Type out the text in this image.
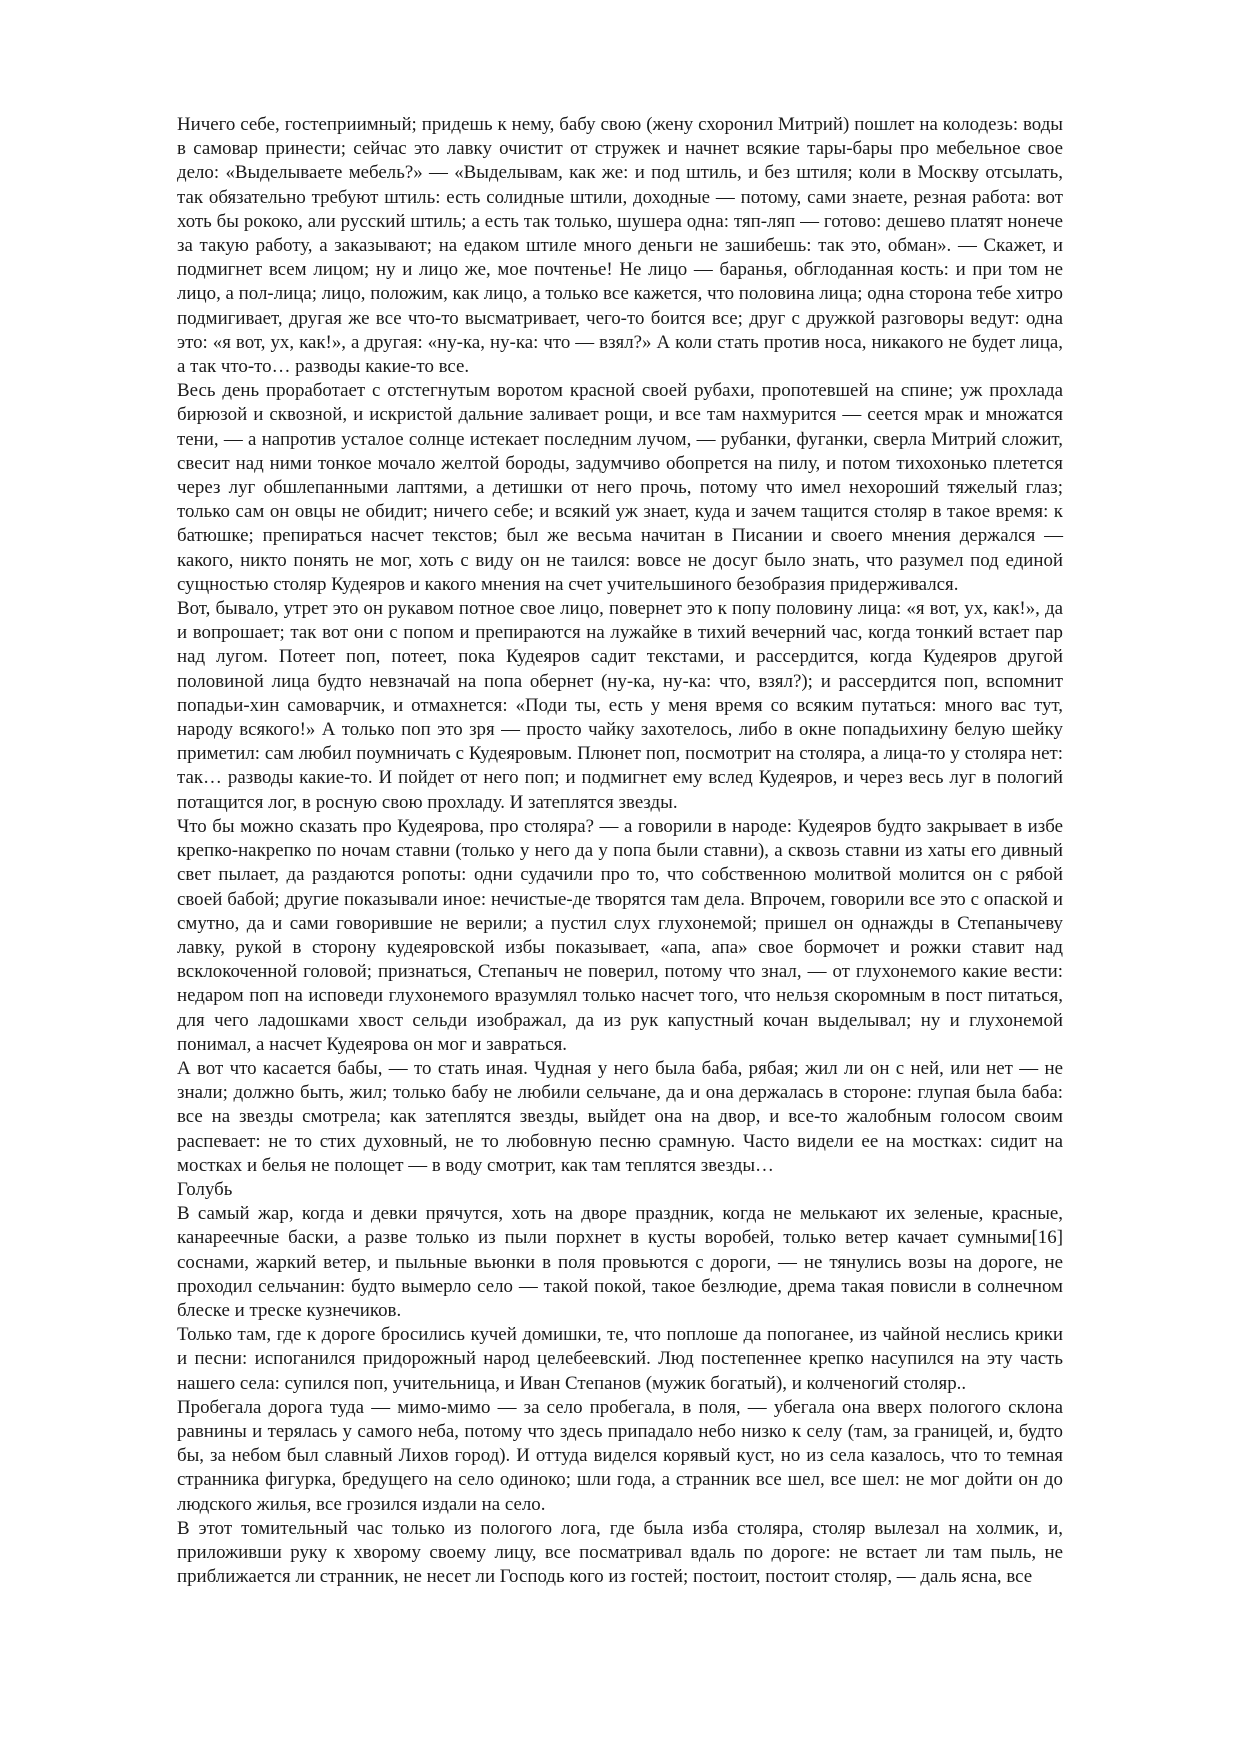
Ничего себе, гостеприимный; придешь к нему, бабу свою (жену схоронил Митрий) пошлет на колодезь: воды в самовар принести; сейчас это лавку очистит от стружек и начнет всякие тары-бары про мебельное свое дело: «Выделываете мебель?» — «Выделывам, как же: и под штиль, и без штиля; коли в Москву отсылать, так обязательно требуют штиль: есть солидные штили, доходные — потому, сами знаете, резная работа: вот хоть бы рококо, али русский штиль; а есть так только, шушера одна: тяп-ляп — готово: дешево платят нонече за такую работу, а заказывают; на едаком штиле много деньги не зашибешь: так это, обман». — Скажет, и подмигнет всем лицом; ну и лицо же, мое почтенье! Не лицо — баранья, обглоданная кость: и при том не лицо, а пол-лица; лицо, положим, как лицо, а только все кажется, что половина лица; одна сторона тебе хитро подмигивает, другая же все что-то высматривает, чего-то боится все; друг с дружкой разговоры ведут: одна это: «я вот, ух, как!», а другая: «ну-ка, ну-ка: что — взял?» А коли стать против носа, никакого не будет лица, а так что-то… разводы какие-то все.

Весь день проработает с отстегнутым воротом красной своей рубахи, пропотевшей на спине; уж прохлада бирюзой и сквозной, и искристой дальние заливает рощи, и все там нахмурится — сеется мрак и множатся тени, — а напротив усталое солнце истекает последним лучом, — рубанки, фуганки, сверла Митрий сложит, свесит над ними тонкое мочало желтой бороды, задумчиво обопрется на пилу, и потом тихохонько плетется через луг обшлепанными лаптями, а детишки от него прочь, потому что имел нехороший тяжелый глаз; только сам он овцы не обидит; ничего себе; и всякий уж знает, куда и зачем тащится столяр в такое время: к батюшке; препираться насчет текстов; был же весьма начитан в Писании и своего мнения держался — какого, никто понять не мог, хоть с виду он не таился: вовсе не досуг было знать, что разумел под единой сущностью столяр Кудеяров и какого мнения на счет учительшиного безобразия придерживался.

Вот, бывало, утрет это он рукавом потное свое лицо, повернет это к попу половину лица: «я вот, ух, как!», да и вопрошает; так вот они с попом и препираются на лужайке в тихий вечерний час, когда тонкий встает пар над лугом. Потеет поп, потеет, пока Кудеяров садит текстами, и рассердится, когда Кудеяров другой половиной лица будто невзначай на попа обернет (ну-ка, ну-ка: что, взял?); и рассердится поп, вспомнит попадьи-хин самоварчик, и отмахнется: «Поди ты, есть у меня время со всяким путаться: много вас тут, народу всякого!» А только поп это зря — просто чайку захотелось, либо в окне попадьихину белую шейку приметил: сам любил поумничать с Кудеяровым. Плюнет поп, посмотрит на столяра, а лица-то у столяра нет: так… разводы какие-то. И пойдет от него поп; и подмигнет ему вслед Кудеяров, и через весь луг в пологий потащится лог, в росную свою прохладу. И затеплятся звезды.

Что бы можно сказать про Кудеярова, про столяра? — а говорили в народе: Кудеяров будто закрывает в избе крепко-накрепко по ночам ставни (только у него да у попа были ставни), а сквозь ставни из хаты его дивный свет пылает, да раздаются ропоты: одни судачили про то, что собственною молитвой молится он с рябой своей бабой; другие показывали иное: нечистые-де творятся там дела. Впрочем, говорили все это с опаской и смутно, да и сами говорившие не верили; а пустил слух глухонемой; пришел он однажды в Степанычеву лавку, рукой в сторону кудеяровской избы показывает, «апа, апа» свое бормочет и рожки ставит над всклокоченной головой; признаться, Степаныч не поверил, потому что знал, — от глухонемого какие вести: недаром поп на исповеди глухонемого вразумлял только насчет того, что нельзя скоромным в пост питаться, для чего ладошками хвост сельди изображал, да из рук капустный кочан выделывал; ну и глухонемой понимал, а насчет Кудеярова он мог и завраться.

А вот что касается бабы, — то стать иная. Чудная у него была баба, рябая; жил ли он с ней, или нет — не знали; должно быть, жил; только бабу не любили сельчане, да и она держалась в стороне: глупая была баба: все на звезды смотрела; как затеплятся звезды, выйдет она на двор, и все-то жалобным голосом своим распевает: не то стих духовный, не то любовную песню срамную. Часто видели ее на мостках: сидит на мостках и белья не полощет — в воду смотрит, как там теплятся звезды…

Голубь

В самый жар, когда и девки прячутся, хоть на дворе праздник, когда не мелькают их зеленые, красные, канареечные баски, а разве только из пыли порхнет в кусты воробей, только ветер качает сумными[16] соснами, жаркий ветер, и пыльные вьюнки в поля провьются с дороги, — не тянулись возы на дороге, не проходил сельчанин: будто вымерло село — такой покой, такое безлюдие, дрема такая повисли в солнечном блеске и треске кузнечиков.

Только там, где к дороге бросились кучей домишки, те, что поплоше да попоганее, из чайной неслись крики и песни: испоганился придорожный народ целебеевский. Люд постепеннее крепко насупился на эту часть нашего села: супился поп, учительница, и Иван Степанов (мужик богатый), и колченогий столяр..

Пробегала дорога туда — мимо-мимо — за село пробегала, в поля, — убегала она вверх пологого склона равнины и терялась у самого неба, потому что здесь припадало небо низко к селу (там, за границей, и, будто бы, за небом был славный Лихов город). И оттуда виделся корявый куст, но из села казалось, что то темная странника фигурка, бредущего на село одиноко; шли года, а странник все шел, все шел: не мог дойти он до людского жилья, все грозился издали на село.

В этот томительный час только из пологого лога, где была изба столяра, столяр вылезал на холмик, и, приложивши руку к хворому своему лицу, все посматривал вдаль по дороге: не встает ли там пыль, не приближается ли странник, не несет ли Господь кого из гостей; постоит, постоит столяр, — даль ясна, все
